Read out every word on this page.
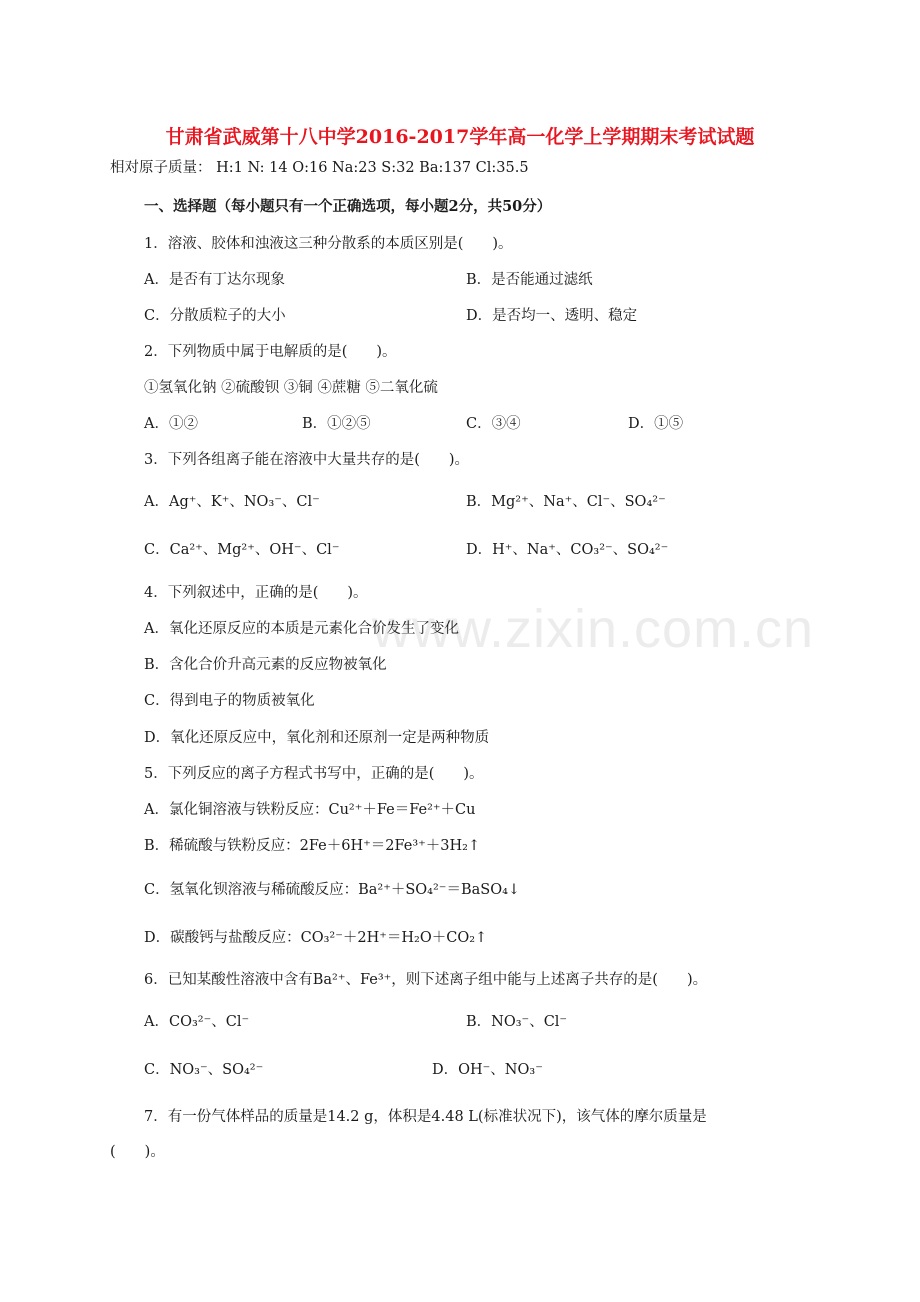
www.zixin.com.cn
甘肃省武威第十八中学2016-2017学年高一化学上学期期末考试试题
相对原子质量： H:1 N: 14 O:16 Na:23 S:32 Ba:137 Cl:35.5
一、选择题（每小题只有一个正确选项，每小题2分，共50分）
1．溶液、胶体和浊液这三种分散系的本质区别是(　　)。
A．是否有丁达尔现象	B．是否能通过滤纸
C．分散质粒子的大小	D．是否均一、透明、稳定
2．下列物质中属于电解质的是(　　)。
①氢氧化钠 ②硫酸钡 ③铜 ④蔗糖 ⑤二氧化硫
A．①②	B．①②⑤	C．③④	D．①⑤
3．下列各组离子能在溶液中大量共存的是(　　)。
A．Ag⁺、K⁺、NO₃⁻、Cl⁻	B．Mg²⁺、Na⁺、Cl⁻、SO₄²⁻
C．Ca²⁺、Mg²⁺、OH⁻、Cl⁻	D．H⁺、Na⁺、CO₃²⁻、SO₄²⁻
4．下列叙述中，正确的是(　　)。
A．氧化还原反应的本质是元素化合价发生了变化
B．含化合价升高元素的反应物被氧化
C．得到电子的物质被氧化
D．氧化还原反应中，氧化剂和还原剂一定是两种物质
5．下列反应的离子方程式书写中，正确的是(　　)。
A．氯化铜溶液与铁粉反应：Cu²⁺＋Fe＝Fe²⁺＋Cu
B．稀硫酸与铁粉反应：2Fe＋6H⁺＝2Fe³⁺＋3H₂↑
C．氢氧化钡溶液与稀硫酸反应：Ba²⁺＋SO₄²⁻＝BaSO₄↓
D．碳酸钙与盐酸反应：CO₃²⁻＋2H⁺＝H₂O＋CO₂↑
6．已知某酸性溶液中含有Ba²⁺、Fe³⁺，则下述离子组中能与上述离子共存的是(　　)。
A．CO₃²⁻、Cl⁻	B．NO₃⁻、Cl⁻
C．NO₃⁻、SO₄²⁻	D．OH⁻、NO₃⁻
7．有一份气体样品的质量是14.2 g，体积是4.48 L(标准状况下)，该气体的摩尔质量是
(　　)。
